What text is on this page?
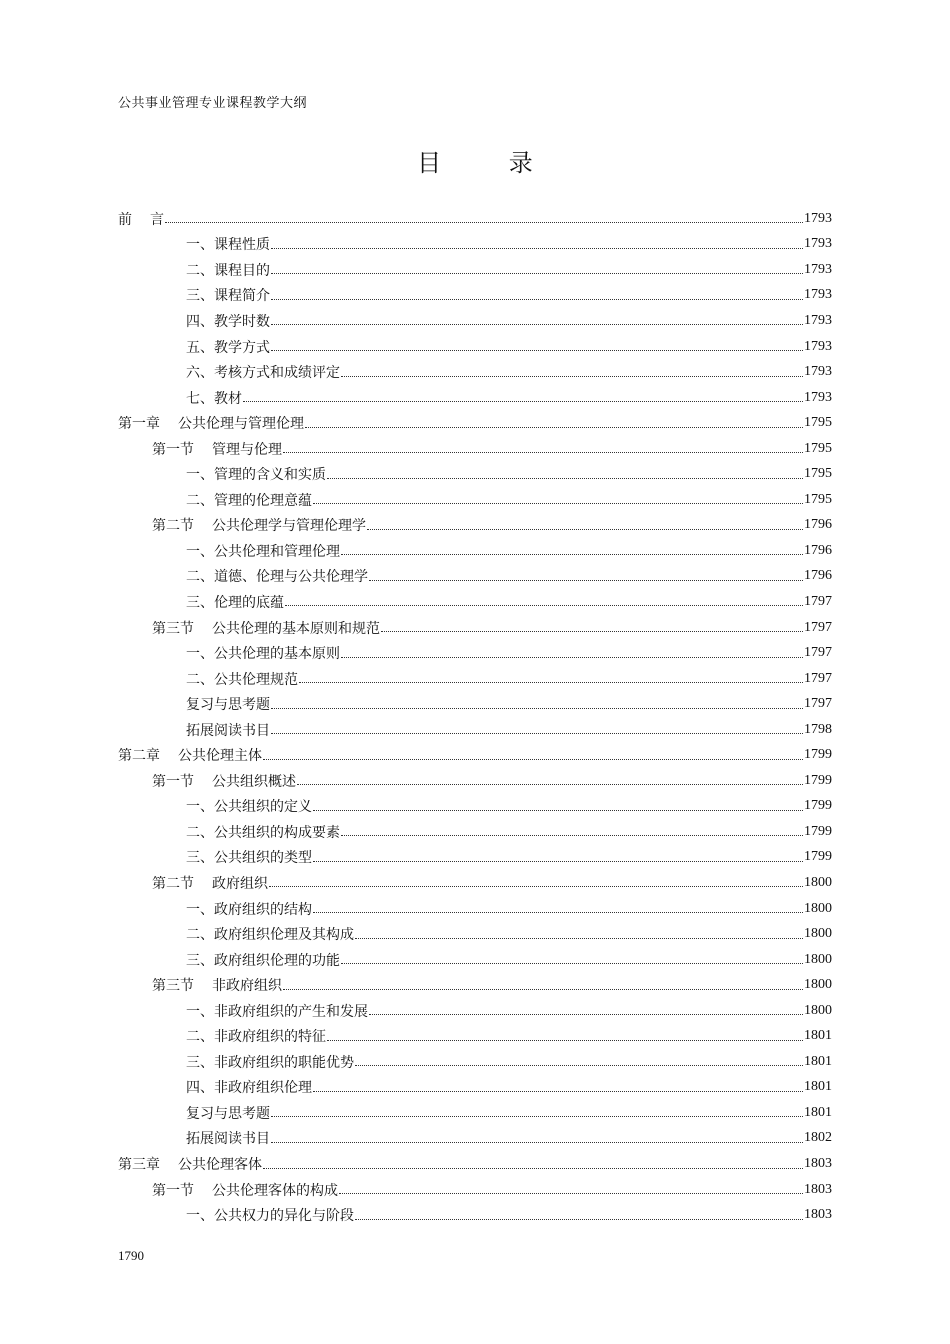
公共事业管理专业课程教学大纲
目 录
前 言	1793
一、课程性质	1793
二、课程目的	1793
三、课程简介	1793
四、教学时数	1793
五、教学方式	1793
六、考核方式和成绩评定	1793
七、教材	1793
第一章 公共伦理与管理伦理	1795
第一节 管理与伦理	1795
一、管理的含义和实质	1795
二、管理的伦理意蕴	1795
第二节 公共伦理学与管理伦理学	1796
一、公共伦理和管理伦理	1796
二、道德、伦理与公共伦理学	1796
三、伦理的底蕴	1797
第三节 公共伦理的基本原则和规范	1797
一、公共伦理的基本原则	1797
二、公共伦理规范	1797
复习与思考题	1797
拓展阅读书目	1798
第二章 公共伦理主体	1799
第一节 公共组织概述	1799
一、公共组织的定义	1799
二、公共组织的构成要素	1799
三、公共组织的类型	1799
第二节 政府组织	1800
一、政府组织的结构	1800
二、政府组织伦理及其构成	1800
三、政府组织伦理的功能	1800
第三节 非政府组织	1800
一、非政府组织的产生和发展	1800
二、非政府组织的特征	1801
三、非政府组织的职能优势	1801
四、非政府组织伦理	1801
复习与思考题	1801
拓展阅读书目	1802
第三章 公共伦理客体	1803
第一节 公共伦理客体的构成	1803
一、公共权力的异化与阶段	1803
1790
